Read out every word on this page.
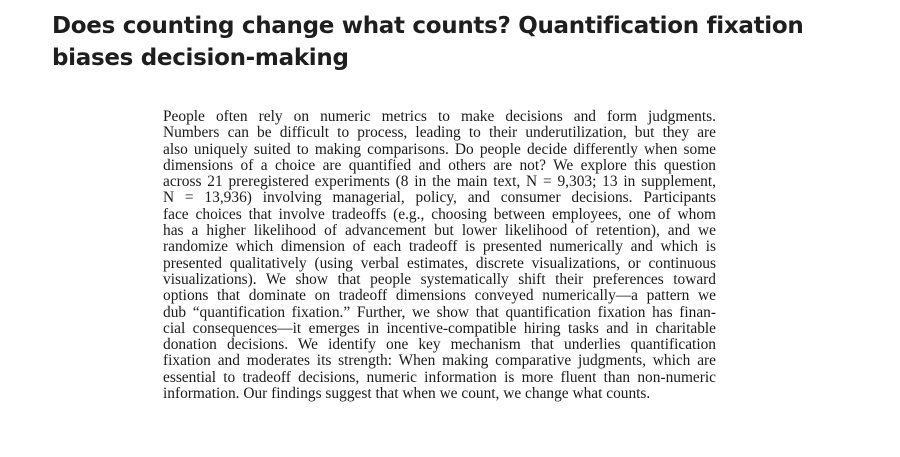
Does counting change what counts? Quantification fixation
biases decision-making
People often rely on numeric metrics to make decisions and form judgments.
Numbers can be difficult to process, leading to their underutilization, but they are
also uniquely suited to making comparisons. Do people decide differently when some
dimensions of a choice are quantified and others are not? We explore this question
across 21 preregistered experiments (8 in the main text, N = 9,303; 13 in supplement,
N = 13,936) involving managerial, policy, and consumer decisions. Participants
face choices that involve tradeoffs (e.g., choosing between employees, one of whom
has a higher likelihood of advancement but lower likelihood of retention), and we
randomize which dimension of each tradeoff is presented numerically and which is
presented qualitatively (using verbal estimates, discrete visualizations, or continuous
visualizations). We show that people systematically shift their preferences toward
options that dominate on tradeoff dimensions conveyed numerically—a pattern we
dub “quantification fixation.” Further, we show that quantification fixation has finan-
cial consequences—it emerges in incentive-compatible hiring tasks and in charitable
donation decisions. We identify one key mechanism that underlies quantification
fixation and moderates its strength: When making comparative judgments, which are
essential to tradeoff decisions, numeric information is more fluent than non-numeric
information. Our findings suggest that when we count, we change what counts.
